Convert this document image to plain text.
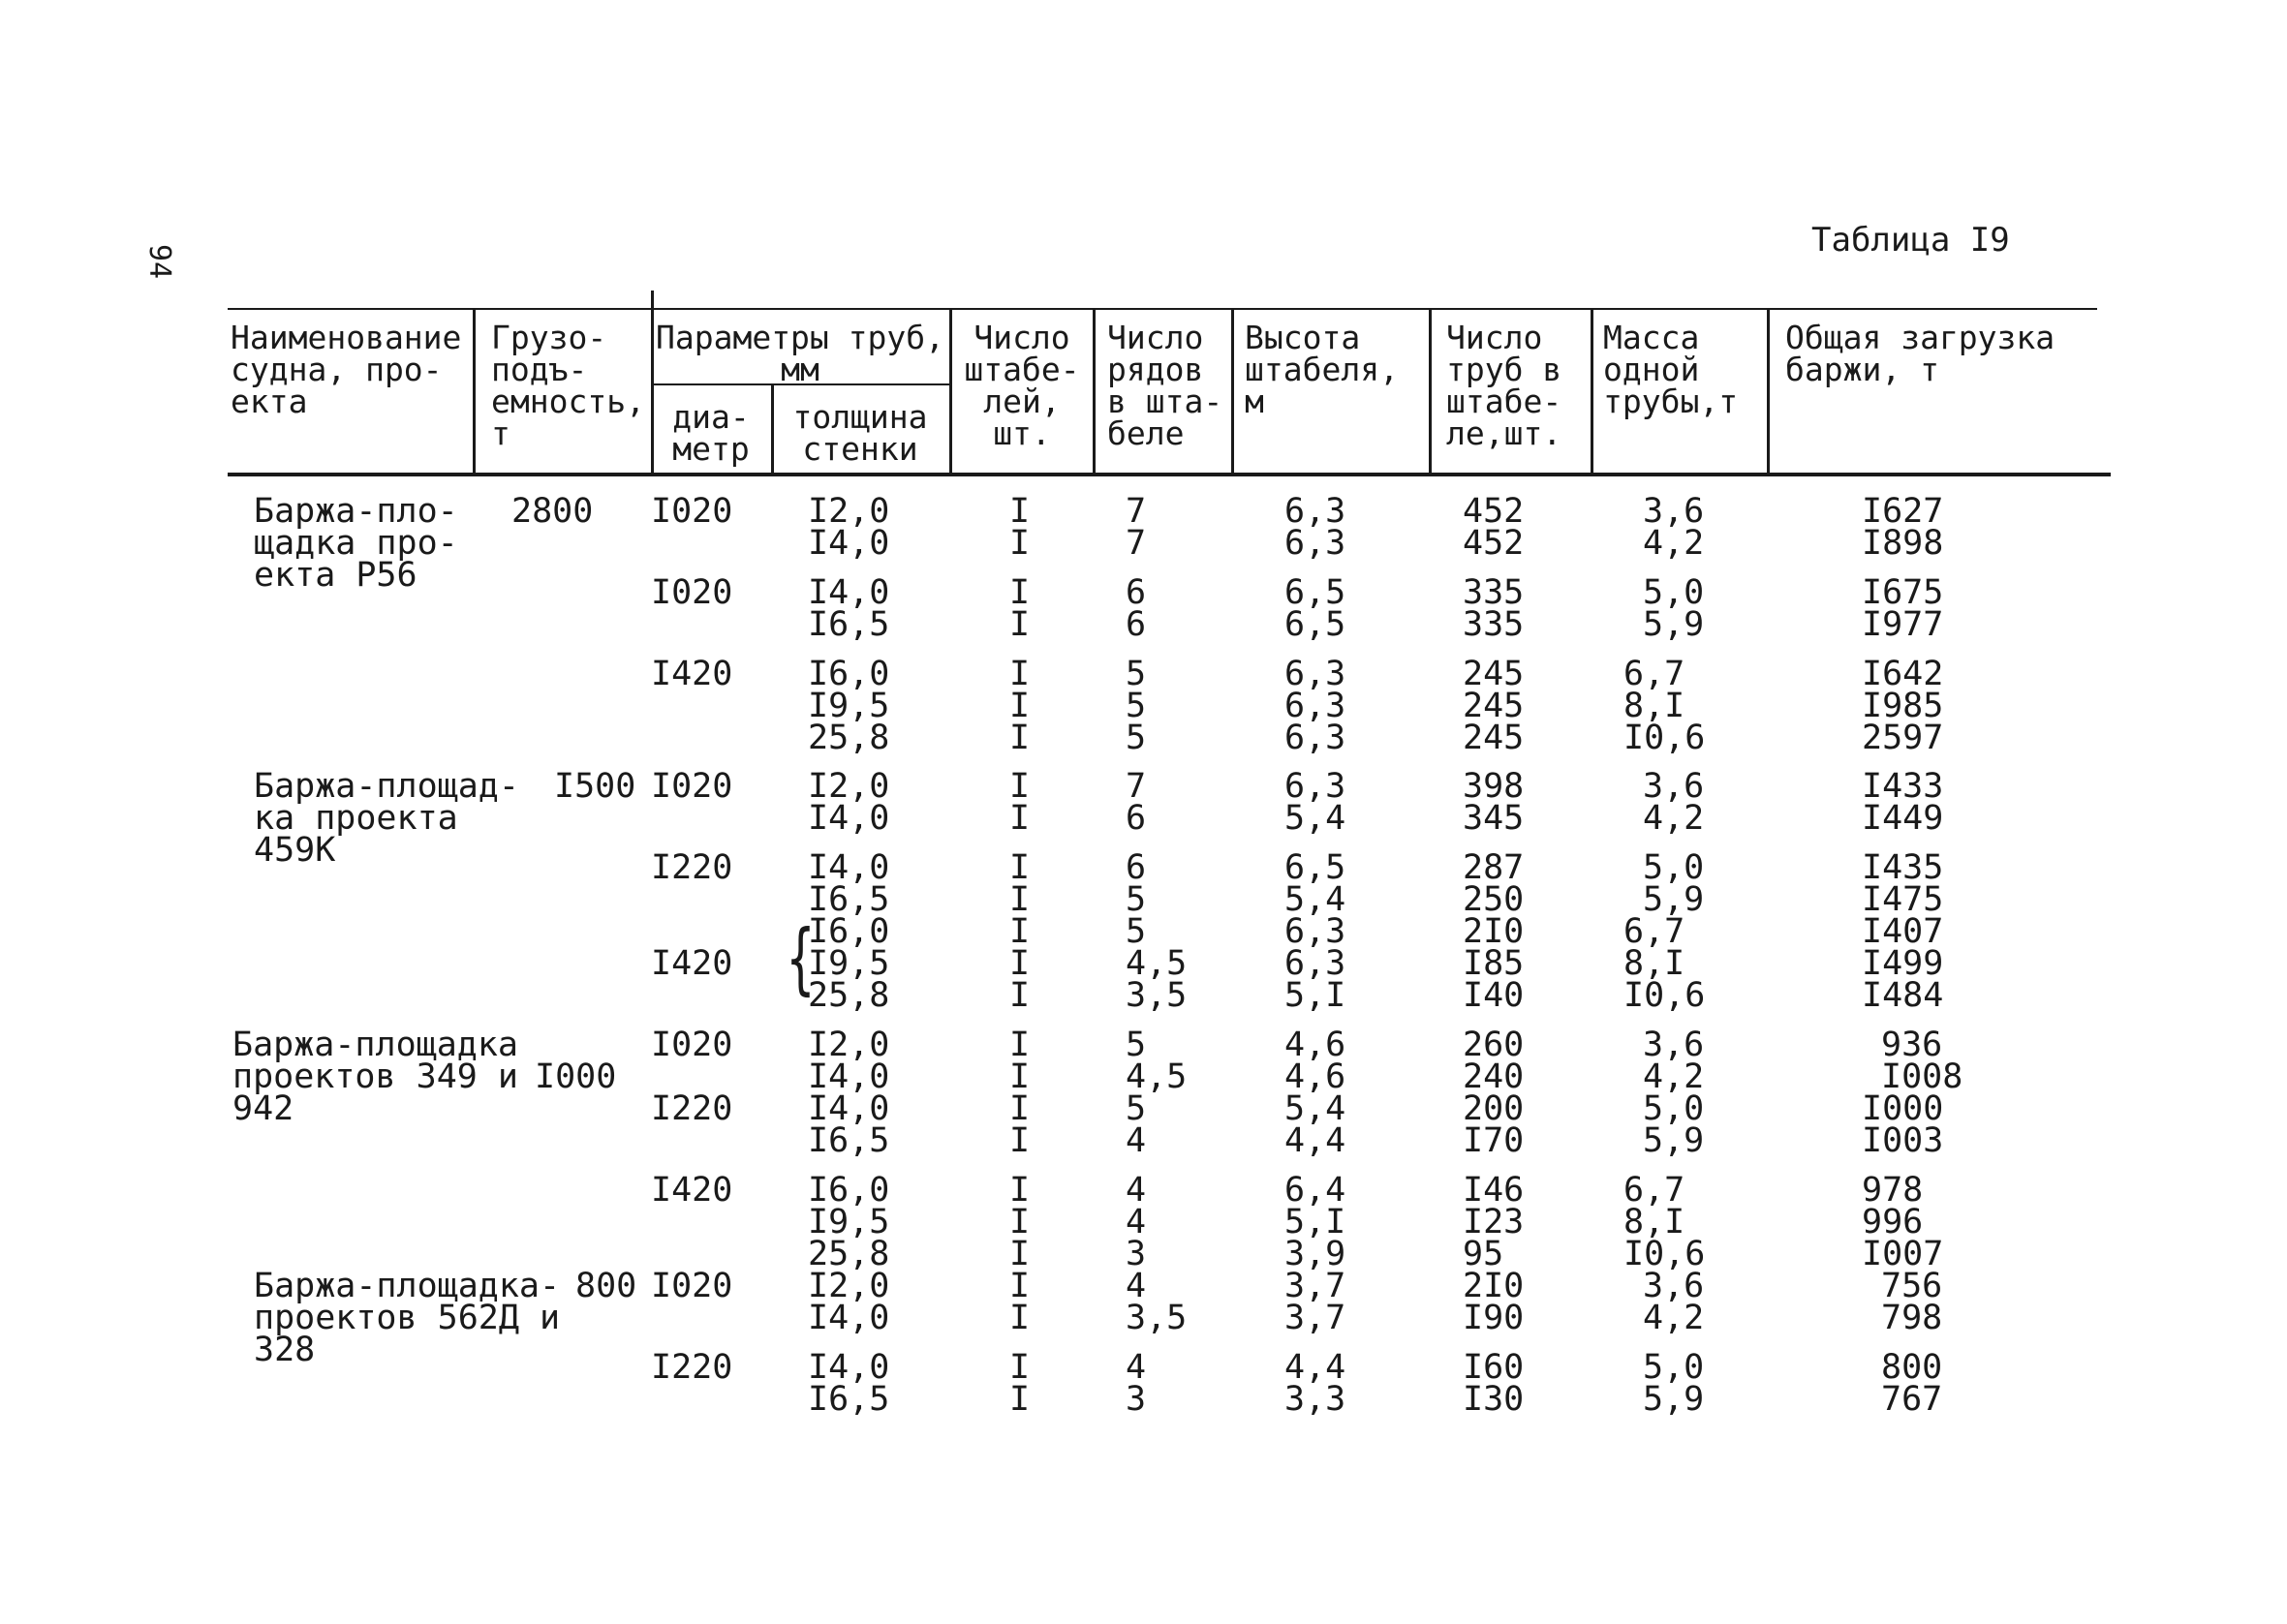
94
Таблица I9
Наименование
судна, про-
екта
Грузо-
подъ-
емность,
т
Параметры труб,
мм
диа-
метр
толщина
стенки
Число
штабе-
лей,
шт.
Число
рядов
в шта-
беле
Высота
штабеля,
м
Число
труб в
штабе-
ле,шт.
Масса
одной
трубы,т
Общая загрузка
баржи, т
Баржа-пло-
щадка про-
екта Р56
2800
Баржа-площад-
ка проекта
459К
I500
Баржа-площадка
проектов 349 и
942
I000
Баржа-площадка-
проектов 562Д и
328
800
{
I020 I2,0
I4,0
I
I
7
7
6,3
6,3
452
452
3,6
4,2
I627
I898
I020 I4,0
I6,5
I
I
6
6
6,5
6,5
335
335
5,0
5,9
I675
I977
I420 I6,0
I9,5
25,8
I
I
I
5
5
5
6,3
6,3
6,3
245
245
245
6,7
8,I
I0,6
I642
I985
2597
I020 I2,0
I4,0
I
I
7
6
6,3
5,4
398
345
3,6
4,2
I433
I449
I220 I4,0
I6,5
I
I
6
5
6,5
5,4
287
250
5,0
5,9
I435
I475
I420
I6,0
I9,5
25,8
I
I
I
5
4,5
3,5
6,3
6,3
5,I
2I0
I85
I40
6,7
8,I
I0,6
I407
I499
I484
I020 I2,0
I4,0
I
I
5
4,5
4,6
4,6
260
240
3,6
4,2
936
I008
I220 I4,0
I6,5
I
I
5
4
5,4
4,4
200
I70
5,0
5,9
I000
I003
I420 I6,0
I9,5
25,8
I
I
I
4
4
3
6,4
5,I
3,9
I46
I23
95
6,7
8,I
I0,6
978
996
I007
I020 I2,0
I4,0
I
I
4
3,5
3,7
3,7
2I0
I90
3,6
4,2
756
798
I220 I4,0
I6,5
I
I
4
3
4,4
3,3
I60
I30
5,0
5,9
800
767
